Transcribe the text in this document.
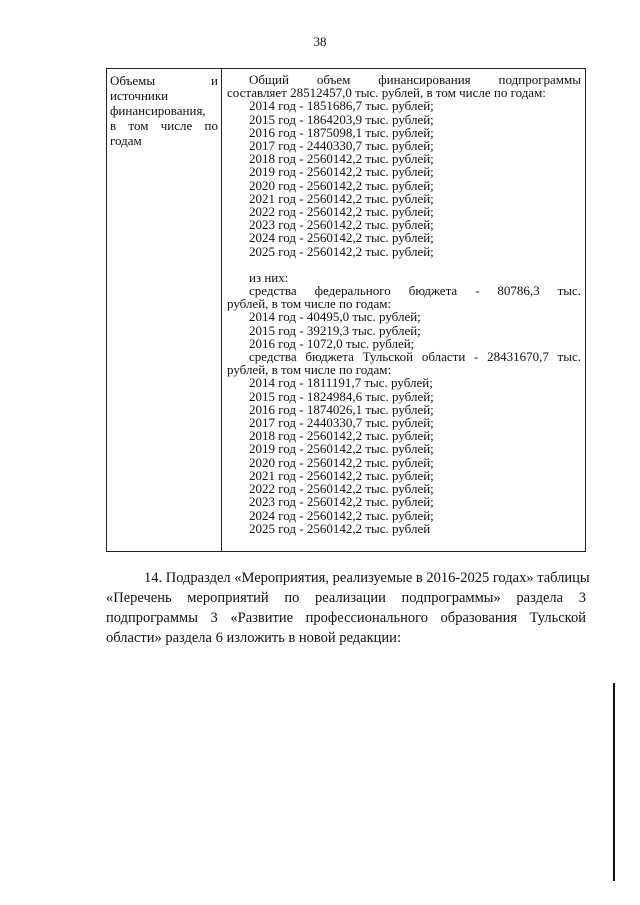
38
Объемы и
источники
финансирования,
в том числе по
годам
Общий объем финансирования подпрограммы
составляет 28512457,0 тыс. рублей, в том числе по годам:
2014 год - 1851686,7 тыс. рублей;
2015 год - 1864203,9 тыс. рублей;
2016 год - 1875098,1 тыс. рублей;
2017 год - 2440330,7 тыс. рублей;
2018 год - 2560142,2 тыс. рублей;
2019 год - 2560142,2 тыс. рублей;
2020 год - 2560142,2 тыс. рублей;
2021 год - 2560142,2 тыс. рублей;
2022 год - 2560142,2 тыс. рублей;
2023 год - 2560142,2 тыс. рублей;
2024 год - 2560142,2 тыс. рублей;
2025 год - 2560142,2 тыс. рублей;
из них:
средства федерального бюджета - 80786,3 тыс.
рублей, в том числе по годам:
2014 год - 40495,0 тыс. рублей;
2015 год - 39219,3 тыс. рублей;
2016 год - 1072,0 тыс. рублей;
средства бюджета Тульской области - 28431670,7 тыс.
рублей, в том числе по годам:
2014 год - 1811191,7 тыс. рублей;
2015 год - 1824984,6 тыс. рублей;
2016 год - 1874026,1 тыс. рублей;
2017 год - 2440330,7 тыс. рублей;
2018 год - 2560142,2 тыс. рублей;
2019 год - 2560142,2 тыс. рублей;
2020 год - 2560142,2 тыс. рублей;
2021 год - 2560142,2 тыс. рублей;
2022 год - 2560142,2 тыс. рублей;
2023 год - 2560142,2 тыс. рублей;
2024 год - 2560142,2 тыс. рублей;
2025 год - 2560142,2 тыс. рублей
14. Подраздел «Мероприятия, реализуемые в 2016-2025 годах» таблицы
«Перечень мероприятий по реализации подпрограммы» раздела 3
подпрограммы 3 «Развитие профессионального образования Тульской
области» раздела 6 изложить в новой редакции:
